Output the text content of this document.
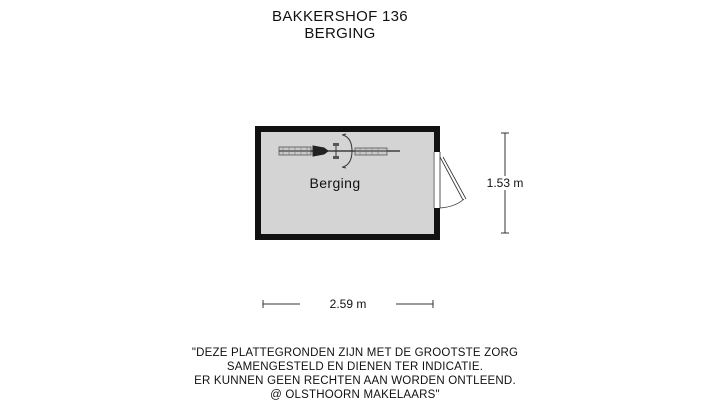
BAKKERSHOF 136
BERGING
Berging
2.59 m
1.53 m
"DEZE PLATTEGRONDEN ZIJN MET DE GROOTSTE ZORG
SAMENGESTELD EN DIENEN TER INDICATIE.
ER KUNNEN GEEN RECHTEN AAN WORDEN ONTLEEND.
@ OLSTHOORN MAKELAARS"
